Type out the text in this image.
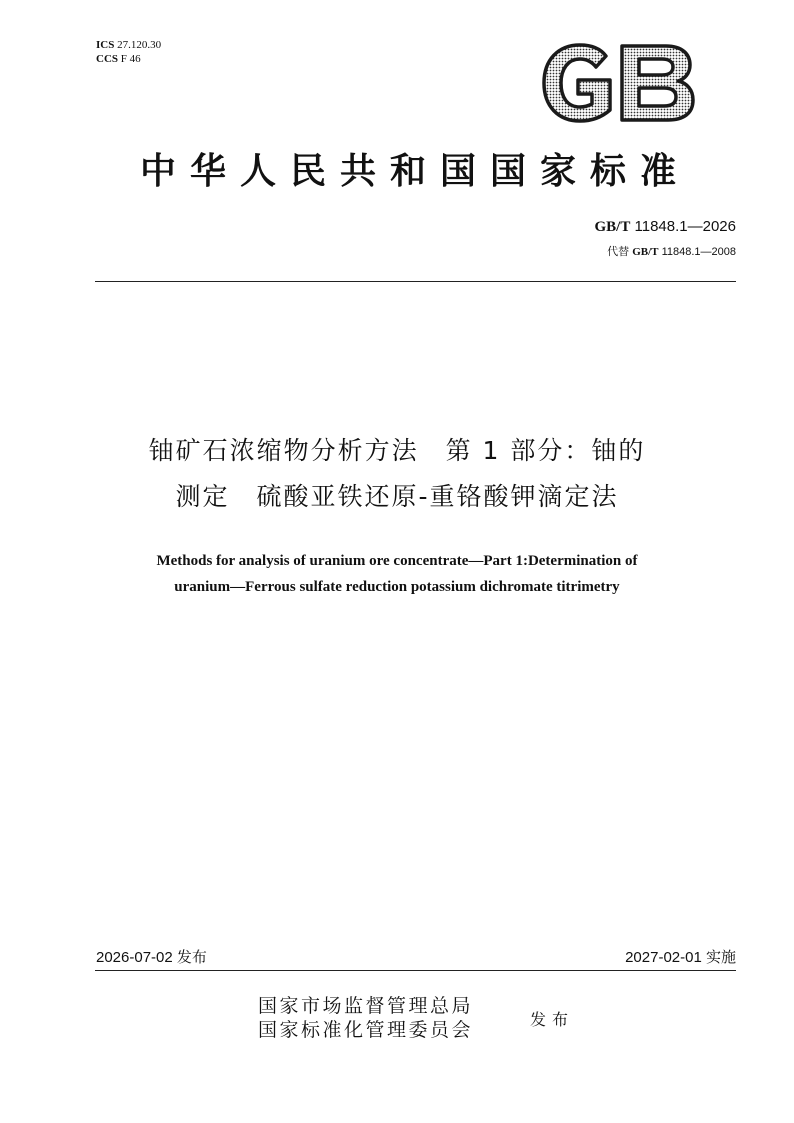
ICS 27.120.30
CCS F 46
中华人民共和国国家标准
GB/T 11848.1—2026
代替 GB/T 11848.1—2008
铀矿石浓缩物分析方法　第 1 部分：铀的
测定　硫酸亚铁还原-重铬酸钾滴定法
Methods for analysis of uranium ore concentrate—Part 1:Determination of
uranium—Ferrous sulfate reduction potassium dichromate titrimetry
2026-07-02 发布	2027-02-01 实施
国家市场监督管理总局
国家标准化管理委员会	发布
